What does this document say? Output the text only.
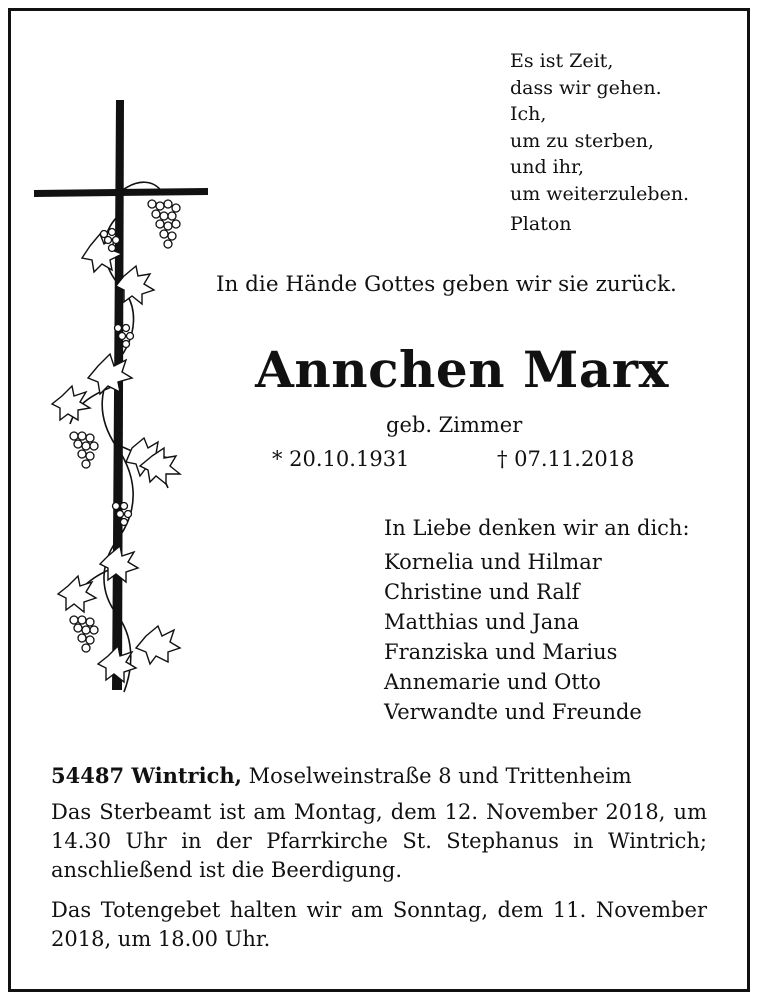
Es ist Zeit,
dass wir gehen.
Ich,
um zu sterben,
und ihr,
um weiterzuleben.
Platon
In die Hände Gottes geben wir sie zurück.
Annchen Marx
geb. Zimmer
* 20.10.1931	† 07.11.2018
In Liebe denken wir an dich:
Kornelia und Hilmar
Christine und Ralf
Matthias und Jana
Franziska und Marius
Annemarie und Otto
Verwandte und Freunde
54487 Wintrich, Moselweinstraße 8 und Trittenheim
Das Sterbeamt ist am Montag, dem 12. November 2018, um 14.30 Uhr in der Pfarrkirche St. Stephanus in Wintrich; anschließend ist die Beerdigung.
Das Totengebet halten wir am Sonntag, dem 11. November 2018, um 18.00 Uhr.
